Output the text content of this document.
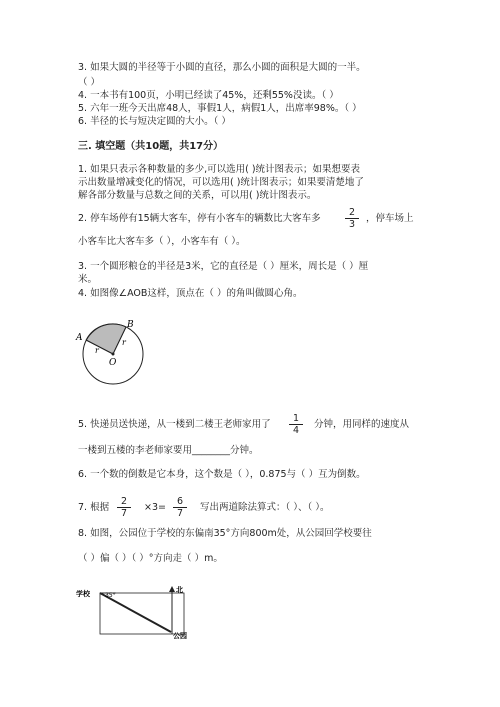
3. 如果大圆的半径等于小圆的直径，那么小圆的面积是大圆的一半。
（ ）
4. 一本书有100页，小明已经读了45%，还剩55%没读。（ ）
5. 六年一班今天出席48人，事假1人，病假1人，出席率98%。（ ）
6. 半径的长与短决定圆的大小。（ ）
三. 填空题（共10题，共17分）
1. 如果只表示各种数量的多少,可以选用( )统计图表示；如果想要表
示出数量增减变化的情况，可以选用( )统计图表示；如果要清楚地了
解各部分数量与总数之间的关系，可以用( )统计图表示。
2. 停车场停有15辆大客车，停有小客车的辆数比大客车多	$\frac{2}{3}$ ，停车场上
小客车比大客车多（ ），小客车有（ ）。
3. 一个圆形粮仓的半径是3米，它的直径是（ ）厘米，周长是（ ）厘
米。
4. 如图像∠AOB这样，顶点在（ ）的角叫做圆心角。
A
B
O
r
r
5. 快递员送快递，从一楼到二楼王老师家用了 $\frac{1}{4}$ 分钟，用同样的速度从
一楼到五楼的李老师家要用________分钟。
6. 一个数的倒数是它本身，这个数是（ ），0.875与（ ）互为倒数。
7. 根据 $\frac{2}{7} \times 3= \frac{6}{7}$ 写出两道除法算式：（ ）、（ ）。
8. 如图，公园位于学校的东偏南35°方向800m处，从公园回学校要往
（ ）偏（ ）（ ）°方向走（ ）m。
学校
公园
北
35°
